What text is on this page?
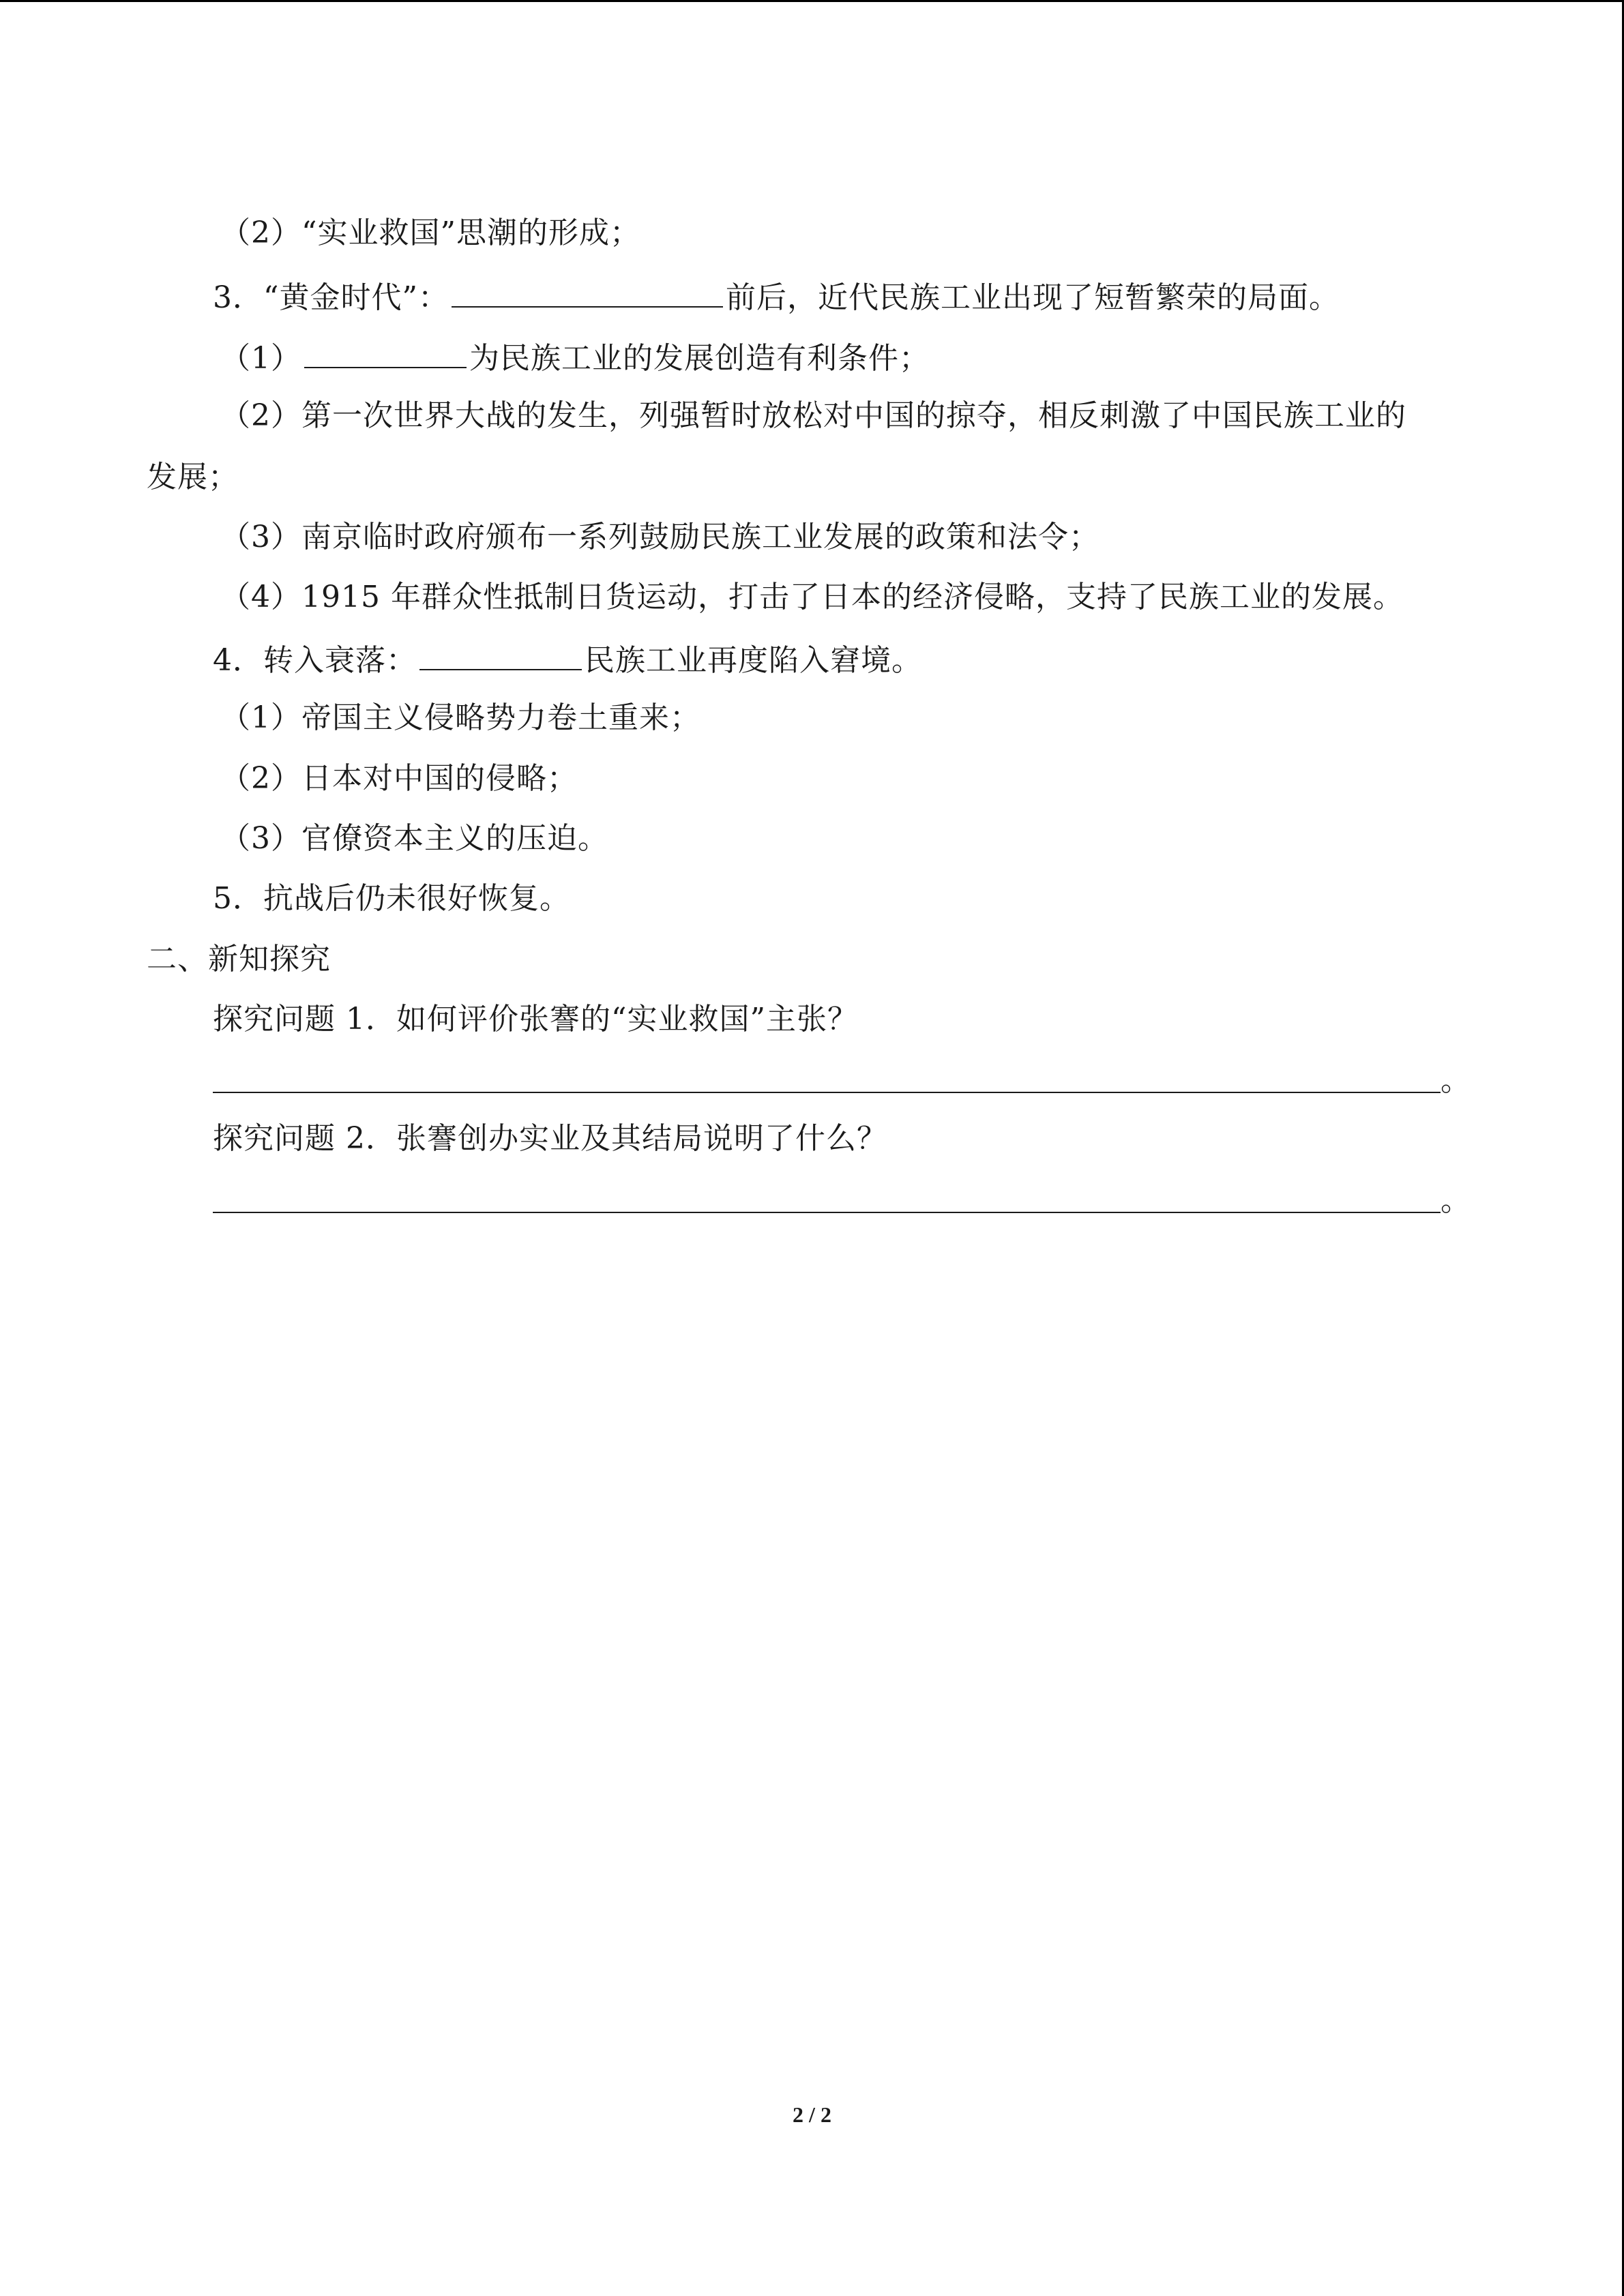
（2）“实业救国”思潮的形成；
3．“黄金时代”：	前后，近代民族工业出现了短暂繁荣的局面。
（1）	为民族工业的发展创造有利条件；
（2）第一次世界大战的发生，列强暂时放松对中国的掠夺，相反刺激了中国民族工业的
发展；
（3）南京临时政府颁布一系列鼓励民族工业发展的政策和法令；
（4）1915 年群众性抵制日货运动，打击了日本的经济侵略，支持了民族工业的发展。
4．转入衰落：	民族工业再度陷入窘境。
（1）帝国主义侵略势力卷土重来；
（2）日本对中国的侵略；
（3）官僚资本主义的压迫。
5．抗战后仍未很好恢复。
二、新知探究
探究问题 1．如何评价张謇的“实业救国”主张？
。
探究问题 2．张謇创办实业及其结局说明了什么？
。
2 / 2
